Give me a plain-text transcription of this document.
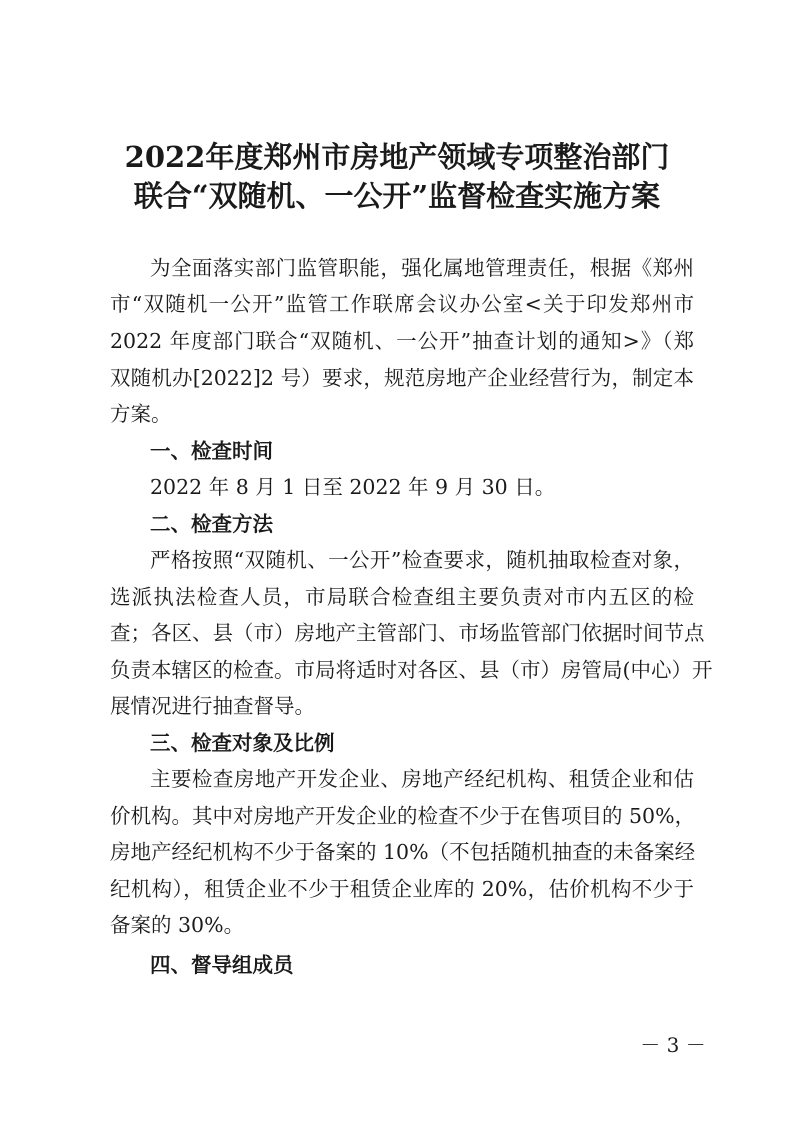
2022年度郑州市房地产领域专项整治部门
联合“双随机、一公开”监督检查实施方案
为全面落实部门监管职能，强化属地管理责任，根据《郑州
市“双随机一公开”监管工作联席会议办公室<关于印发郑州市
2022 年度部门联合“双随机、一公开”抽查计划的通知>》（郑
双随机办[2022]2 号）要求，规范房地产企业经营行为，制定本
方案。
一、检查时间
2022 年 8 月 1 日至 2022 年 9 月 30 日。
二、检查方法
严格按照“双随机、一公开”检查要求，随机抽取检查对象，
选派执法检查人员，市局联合检查组主要负责对市内五区的检
查；各区、县（市）房地产主管部门、市场监管部门依据时间节点
负责本辖区的检查。市局将适时对各区、县（市）房管局(中心）开
展情况进行抽查督导。
三、检查对象及比例
主要检查房地产开发企业、房地产经纪机构、租赁企业和估
价机构。其中对房地产开发企业的检查不少于在售项目的 50%，
房地产经纪机构不少于备案的 10%（不包括随机抽查的未备案经
纪机构），租赁企业不少于租赁企业库的 20%，估价机构不少于
备案的 30%。
四、督导组成员
－ 3 －
